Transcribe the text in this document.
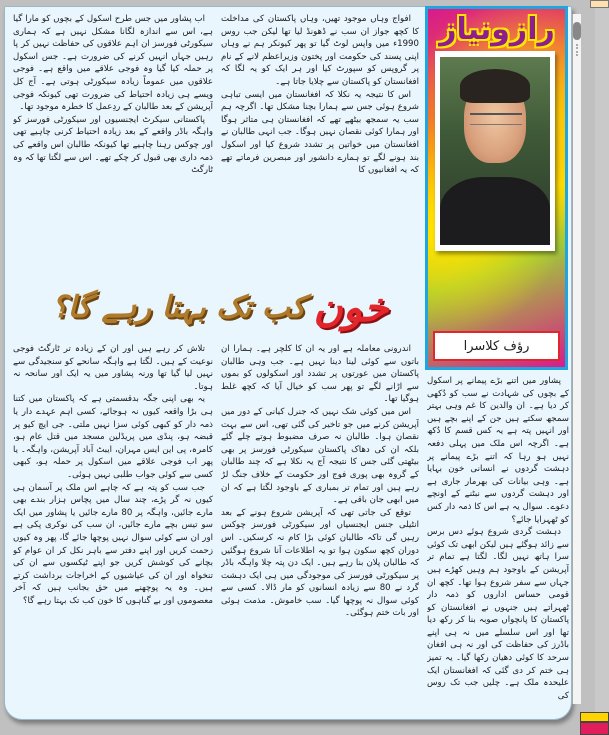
اب پشاور میں جس طرح اسکول کے بچوں کو مارا گیا ہے، اس سے اندازہ لگانا مشکل نہیں ہے کہ ہماری سیکورٹی فورسز ان اہم علاقوں کی حفاظت نہیں کر پا رہیں جہاں انہیں کرنے کی ضرورت ہے۔ جس اسکول پر حملہ کیا گیا وہ فوجی علاقے میں واقع ہے۔ فوجی علاقوں میں عموماً زیادہ سیکورٹی ہوتی ہے۔ آج کل ویسے ہی زیادہ احتیاط کی ضرورت تھی کیونکہ فوجی آپریشن کے بعد طالبان کے ردِعمل کا خطرہ موجود تھا۔

پاکستانی سیکرٹ ایجنسیوں اور سیکورٹی فورسز کو واہگہ باڈر واقعے کے بعد زیادہ احتیاط کرنی چاہیے تھی اور چوکس رہنا چاہیے تھا کیونکہ طالبان اس واقعے کی ذمہ داری بھی قبول کر چکے تھے۔ اس سے لگتا تھا کہ وہ ٹارگٹ

افواج وہاں موجود تھیں، وہاں پاکستان کی مداخلت کا کچھ جواز ان سب نے ڈھونڈ لیا تھا لیکن جب روس 1990ء میں واپس لوٹ گیا تو پھر کیونکر ہم نے وہاں اپنی پسند کی حکومت اور پختون وزیراعظم لانے کے نام پر گروپس کو سپورٹ کیا اور ہر ایک کو یہ لگا کہ افغانستان کو پاکستان سے چلایا جاتا ہے۔

اس کا نتیجہ یہ نکلا کہ افغانستان میں ایسی تباہی شروع ہوئی جس سے ہمارا بچنا مشکل تھا۔ اگرچہ ہم سب یہ سمجھ بیٹھے تھے کہ افغانستان ہی متاثر ہوگا اور ہمارا کوئی نقصان نہیں ہوگا۔ جب انہی طالبان نے افغانستان میں خواتین پر تشدد شروع کیا اور اسکول بند ہونے لگے تو ہمارے دانشور اور مبصرین فرماتے تھے کہ یہ افغانیوں کا

خون
کب تک بہتا رہے گا؟

تلاش کر رہے ہیں اور ان کے زیادہ تر ٹارگٹ فوجی نوعیت کے ہیں۔ لگتا ہے واہگہ سانحے کو سنجیدگی سے نہیں لیا گیا تھا ورنہ پشاور میں یہ ایک اور سانحہ نہ ہوتا۔

یہ بھی اپنی جگہ بدقسمتی ہے کہ پاکستان میں کتنا ہی بڑا واقعہ کیوں نہ ہوجائے، کسی اہم عہدے دار یا ذمہ دار کو کبھی کوئی سزا نہیں ملتی۔ جی ایچ کیو پر قبضہ ہو، پنڈی میں پریڈلین مسجد میں قتل عام ہو، کامرہ، پی این ایس مہران، ایبٹ آباد آپریشن، واہگہ۔ یا پھر اب فوجی علاقے میں اسکول پر حملہ ہو، کبھی کسی سے کوئی جواب طلبی نہیں ہوئی۔

جب سب کو پتہ ہے کہ چاہے اس ملک پر آسمان ہی کیوں نہ گر پڑے، چند سال میں پچاس ہزار بندے بھی مارے جائیں، واہگہ پر 80 مارے جائیں یا پشاور میں ایک سو تیس بچے مارے جائیں، ان سب کی نوکری پکی ہے اور ان سے کوئی سوال نہیں پوچھا جائے گا، پھر وہ کیوں زحمت کریں اور اپنے دفتر سے باہر نکل کر ان عوام کو بچانے کی کوشش کریں جو اپنے ٹیکسوں سے ان کی تنخواہ اور ان کی عیاشیوں کے اخراجات برداشت کرتے ہیں۔ وہ یہ پوچھنے میں حق بجانب ہیں کہ آخر معصوموں اور بے گناہوں کا خون کب تک بہتا رہے گا؟

اندرونی معاملہ ہے اور یہ ان کا کلچر ہے۔ ہمارا ان باتوں سے کوئی لینا دینا نہیں ہے۔ جب وہی طالبان پاکستان میں عورتوں پر تشدد اور اسکولوں کو بموں سے اڑانے لگے تو پھر سب کو خیال آیا کہ کچھ غلط ہوگیا تھا۔

اس میں کوئی شک نہیں کہ جنرل کیانی کے دور میں آپریشن کرنے میں جو تاخیر کی گئی تھی، اس سے بہت نقصان ہوا۔ طالبان نہ صرف مضبوط ہوتے چلے گئے بلکہ ان کی دھاک پاکستان سیکورٹی فورسز پر بھی بیٹھتی گئی جس کا نتیجہ آج یہ نکلا ہے کہ چند طالبان کے گروہ بھی پوری فوج اور حکومت کے خلاف جنگ لڑ رہے ہیں اور تمام تر بمباری کے باوجود لگتا ہے کہ ان میں ابھی جان باقی ہے۔

توقع کی جاتی تھی کہ آپریشن شروع ہونے کے بعد انٹیلی جنس ایجنسیاں اور سیکورٹی فورسز چوکس رہیں گی تاکہ طالبان کوئی بڑا کام نہ کرسکیں۔ اس دوران کچھ سکون ہوا تو یہ اطلاعات آنا شروع ہوگئیں کہ طالبان پلان بنا رہے ہیں۔ ایک دن پتہ چلا واہگہ باڈر پر سیکورٹی فورسز کی موجودگی میں ہی ایک دہشت گرد نے 80 سے زیادہ انسانوں کو مار ڈالا۔ کسی سے کوئی سوال نہ پوچھا گیا۔ سب خاموش۔ مذمت ہوئی اور بات ختم ہوگئی۔

پشاور میں اتنے بڑے پیمانے پر اسکول کے بچوں کی شہادت نے سب کو دُکھی کر دیا ہے۔ ان والدین کا غم وہی بہتر سمجھ سکتے ہیں جن کے اپنے بچے ہیں اور انہیں پتہ ہے یہ کس قسم کا دُکھ ہے۔ اگرچہ اس ملک میں پہلی دفعہ نہیں ہو رہا کہ اتنے بڑے پیمانے پر دہشت گردوں نے انسانی خون بہایا ہے۔ وہی بیانات کی بھرمار جاری ہے اور دہشت گردوں سے نبٹنے کے اونچے دعوے۔ سوال یہ ہے اس کا ذمہ دار کس کو ٹھہرایا جائے؟

دہشت گردی شروع ہوئے دس برس سے زائد ہوگئے ہیں لیکن ابھی تک کوئی سرا ہاتھ نہیں لگا۔ لگتا ہے تمام تر آپریشن کے باوجود ہم وہیں کھڑے ہیں جہاں سے سفر شروع ہوا تھا۔ کچھ ان قومی حساس اداروں کو ذمہ دار ٹھہراتے ہیں جنہوں نے افغانستان کو پاکستان کا پانچواں صوبہ بنا کر رکھ دیا تھا اور اس سلسلے میں نہ ہی اپنے باڈرز کی حفاظت کی اور نہ ہی افغان سرحد کا کوئی دھیان رکھا گیا۔ یہ تمیز ہی ختم کر دی گئی کہ افغانستان ایک علیحدہ ملک ہے۔ چلیں جب تک روس کی

رازونیاز
رؤف کلاسرا
